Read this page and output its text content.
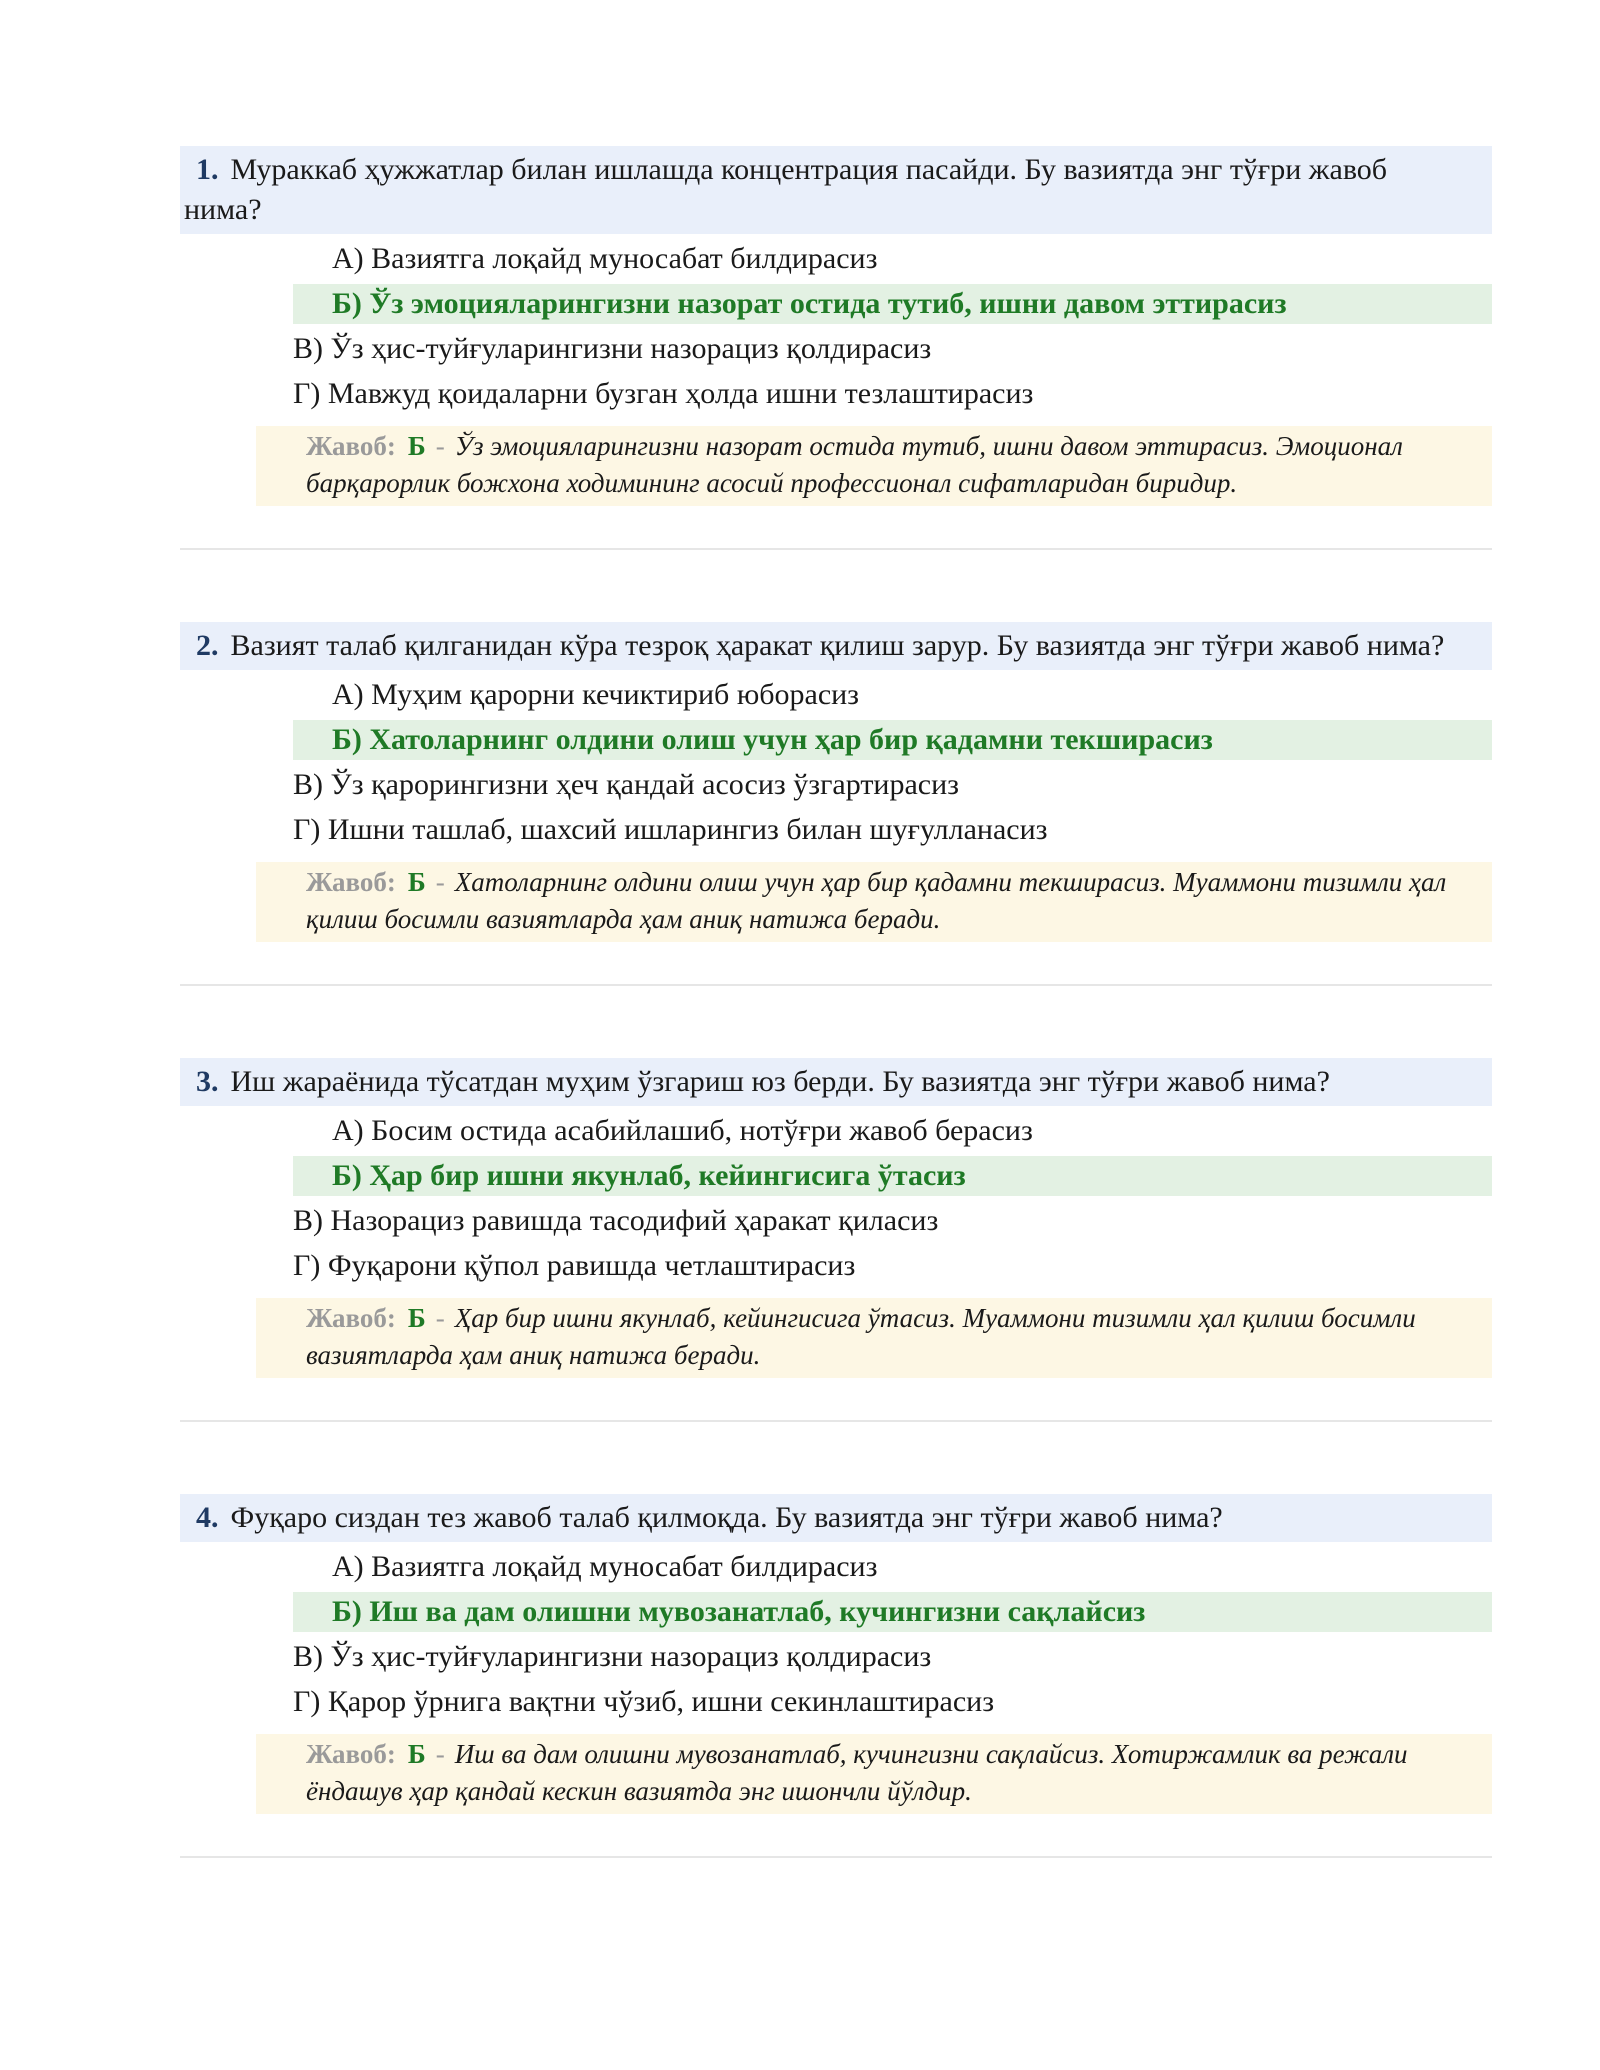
1. Мураккаб ҳужжатлар билан ишлашда концентрация пасайди. Бу вазиятда энг тўғри жавоб нима?

А) Вазиятга лоқайд муносабат билдирасиз
Б) Ўз эмоцияларингизни назорат остида тутиб, ишни давом эттирасиз
В) Ўз ҳис-туйғуларингизни назорациз қолдирасиз
Г) Мавжуд қоидаларни бузган ҳолда ишни тезлаштирасиз
Жавоб: Б - Ўз эмоцияларингизни назорат остида тутиб, ишни давом эттирасиз. Эмоционал барқарорлик божхона ходимининг асосий профессионал сифатларидан биридир.

2. Вазият талаб қилганидан кўра тезроқ ҳаракат қилиш зарур. Бу вазиятда энг тўғри жавоб нима?

А) Муҳим қарорни кечиктириб юборасиз
Б) Хатоларнинг олдини олиш учун ҳар бир қадамни текширасиз
В) Ўз қарорингизни ҳеч қандай асосиз ўзгартирасиз
Г) Ишни ташлаб, шахсий ишларингиз билан шуғулланасиз
Жавоб: Б - Хатоларнинг олдини олиш учун ҳар бир қадамни текширасиз. Муаммони тизимли ҳал қилиш босимли вазиятларда ҳам аниқ натижа беради.

3. Иш жараёнида тўсатдан муҳим ўзгариш юз берди. Бу вазиятда энг тўғри жавоб нима?

А) Босим остида асабийлашиб, нотўғри жавоб берасиз
Б) Ҳар бир ишни якунлаб, кейингисига ўтасиз
В) Назорациз равишда тасодифий ҳаракат қиласиз
Г) Фуқарони қўпол равишда четлаштирасиз
Жавоб: Б - Ҳар бир ишни якунлаб, кейингисига ўтасиз. Муаммони тизимли ҳал қилиш босимли вазиятларда ҳам аниқ натижа беради.

4. Фуқаро сиздан тез жавоб талаб қилмоқда. Бу вазиятда энг тўғри жавоб нима?

А) Вазиятга лоқайд муносабат билдирасиз
Б) Иш ва дам олишни мувозанатлаб, кучингизни сақлайсиз
В) Ўз ҳис-туйғуларингизни назорациз қолдирасиз
Г) Қарор ўрнига вақтни чўзиб, ишни секинлаштирасиз
Жавоб: Б - Иш ва дам олишни мувозанатлаб, кучингизни сақлайсиз. Хотиржамлик ва режали ёндашув ҳар қандай кескин вазиятда энг ишончли йўлдир.
